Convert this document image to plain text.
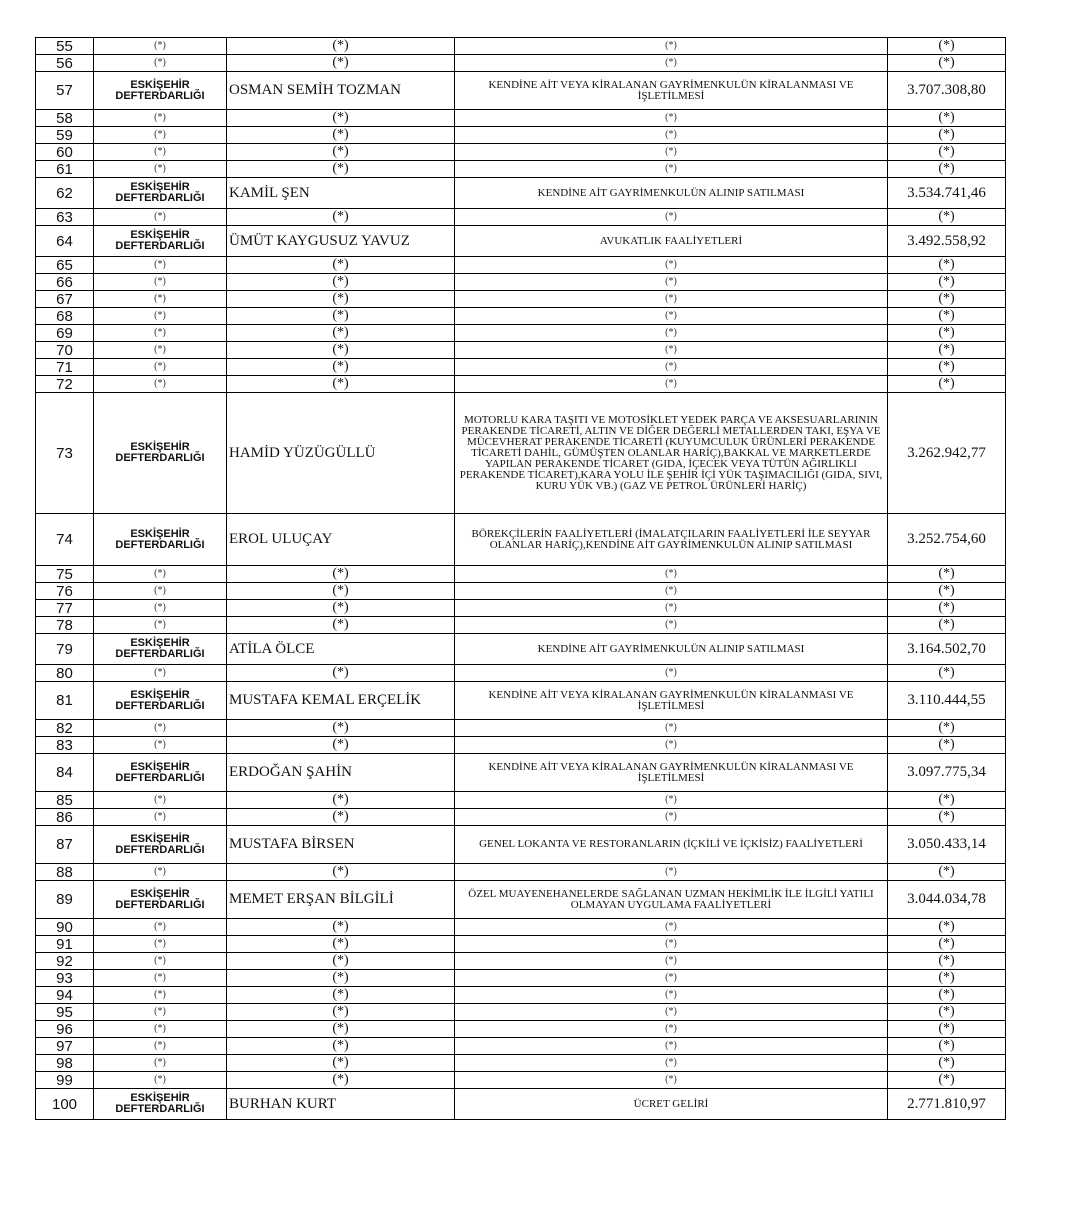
55	(*)	(*)	(*)	(*)
56	(*)	(*)	(*)	(*)
57	ESKİŞEHİR DEFTERDARLIĞI	OSMAN SEMİH TOZMAN	KENDİNE AİT VEYA KİRALANAN GAYRİMENKULÜN KİRALANMASI VE İŞLETİLMESİ	3.707.308,80
58	(*)	(*)	(*)	(*)
59	(*)	(*)	(*)	(*)
60	(*)	(*)	(*)	(*)
61	(*)	(*)	(*)	(*)
62	ESKİŞEHİR DEFTERDARLIĞI	KAMİL ŞEN	KENDİNE AİT GAYRİMENKULÜN ALINIP SATILMASI	3.534.741,46
63	(*)	(*)	(*)	(*)
64	ESKİŞEHİR DEFTERDARLIĞI	ÜMÜT KAYGUSUZ YAVUZ	AVUKATLIK FAALİYETLERİ	3.492.558,92
65	(*)	(*)	(*)	(*)
66	(*)	(*)	(*)	(*)
67	(*)	(*)	(*)	(*)
68	(*)	(*)	(*)	(*)
69	(*)	(*)	(*)	(*)
70	(*)	(*)	(*)	(*)
71	(*)	(*)	(*)	(*)
72	(*)	(*)	(*)	(*)
73	ESKİŞEHİR DEFTERDARLIĞI	HAMİD YÜZÜGÜLLÜ	MOTORLU KARA TAŞITI VE MOTOSİKLET YEDEK PARÇA VE AKSESUARLARININ PERAKENDE TİCARETİ, ALTIN VE DİĞER DEĞERLİ METALLERDEN TAKI, EŞYA VE MÜCEVHERAT PERAKENDE TİCARETİ (KUYUMCULUK ÜRÜNLERİ PERAKENDE TİCARETİ DAHİL, GÜMÜŞTEN OLANLAR HARİÇ),BAKKAL VE MARKETLERDE YAPILAN PERAKENDE TİCARET (GIDA, İÇECEK VEYA TÜTÜN AĞIRLIKLI PERAKENDE TİCARET),KARA YOLU İLE ŞEHİR İÇİ YÜK TAŞIMACILIĞI (GIDA, SIVI, KURU YÜK VB.) (GAZ VE PETROL ÜRÜNLERİ HARİÇ)	3.262.942,77
74	ESKİŞEHİR DEFTERDARLIĞI	EROL ULUÇAY	BÖREKÇİLERİN FAALİYETLERİ (İMALATÇILARIN FAALİYETLERİ İLE SEYYAR OLANLAR HARİÇ),KENDİNE AİT GAYRİMENKULÜN ALINIP SATILMASI	3.252.754,60
75	(*)	(*)	(*)	(*)
76	(*)	(*)	(*)	(*)
77	(*)	(*)	(*)	(*)
78	(*)	(*)	(*)	(*)
79	ESKİŞEHİR DEFTERDARLIĞI	ATİLA ÖLCE	KENDİNE AİT GAYRİMENKULÜN ALINIP SATILMASI	3.164.502,70
80	(*)	(*)	(*)	(*)
81	ESKİŞEHİR DEFTERDARLIĞI	MUSTAFA KEMAL ERÇELİK	KENDİNE AİT VEYA KİRALANAN GAYRİMENKULÜN KİRALANMASI VE İŞLETİLMESİ	3.110.444,55
82	(*)	(*)	(*)	(*)
83	(*)	(*)	(*)	(*)
84	ESKİŞEHİR DEFTERDARLIĞI	ERDOĞAN ŞAHİN	KENDİNE AİT VEYA KİRALANAN GAYRİMENKULÜN KİRALANMASI VE İŞLETİLMESİ	3.097.775,34
85	(*)	(*)	(*)	(*)
86	(*)	(*)	(*)	(*)
87	ESKİŞEHİR DEFTERDARLIĞI	MUSTAFA BİRSEN	GENEL LOKANTA VE RESTORANLARIN (İÇKİLİ VE İÇKİSİZ) FAALİYETLERİ	3.050.433,14
88	(*)	(*)	(*)	(*)
89	ESKİŞEHİR DEFTERDARLIĞI	MEMET ERŞAN BİLGİLİ	ÖZEL MUAYENEHANELERDE SAĞLANAN UZMAN HEKİMLİK İLE İLGİLİ YATILI OLMAYAN UYGULAMA FAALİYETLERİ	3.044.034,78
90	(*)	(*)	(*)	(*)
91	(*)	(*)	(*)	(*)
92	(*)	(*)	(*)	(*)
93	(*)	(*)	(*)	(*)
94	(*)	(*)	(*)	(*)
95	(*)	(*)	(*)	(*)
96	(*)	(*)	(*)	(*)
97	(*)	(*)	(*)	(*)
98	(*)	(*)	(*)	(*)
99	(*)	(*)	(*)	(*)
100	ESKİŞEHİR DEFTERDARLIĞI	BURHAN KURT	ÜCRET GELİRİ	2.771.810,97
